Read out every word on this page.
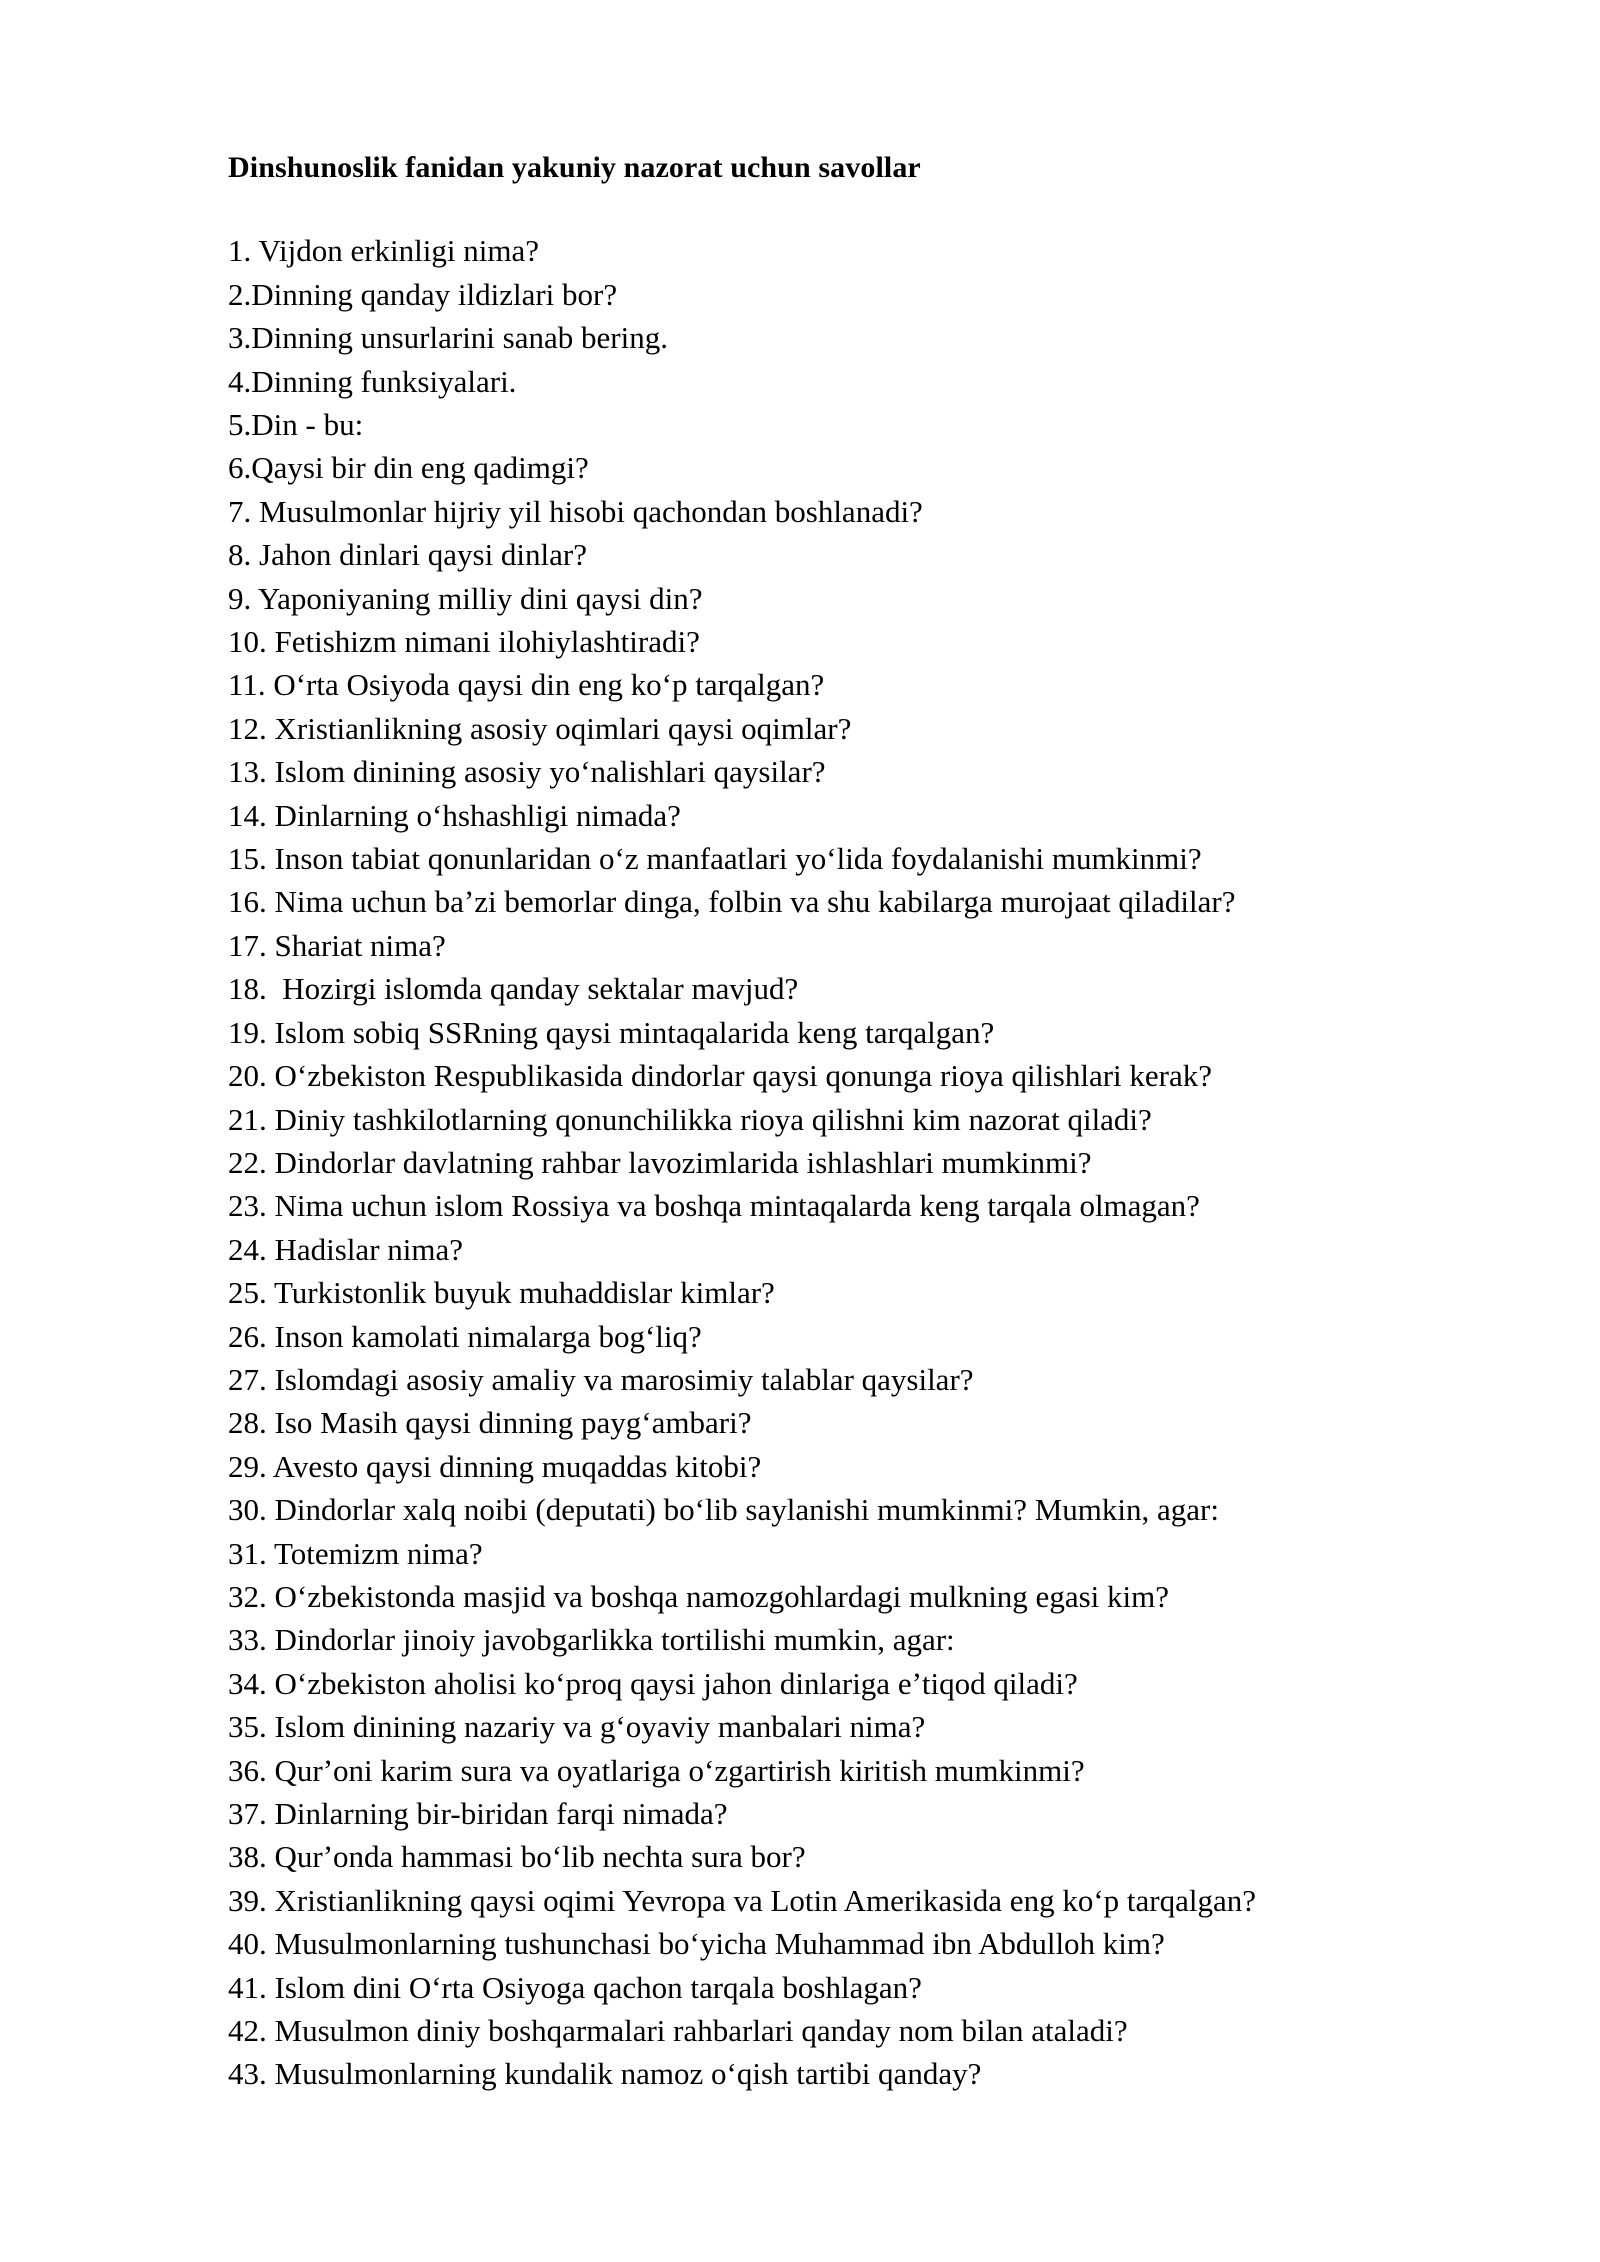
Dinshunoslik fanidan yakuniy nazorat uchun savollar
1. Vijdon erkinligi nima?
2.Dinning qanday ildizlari bor?
3.Dinning unsurlarini sanab bering.
4.Dinning funksiyalari.
5.Din - bu:
6.Qaysi bir din eng qadimgi?
7. Musulmonlar hijriy yil hisobi qachondan boshlanadi?
8. Jahon dinlari qaysi dinlar?
9. Yaponiyaning milliy dini qaysi din?
10. Fetishizm nimani ilohiylashtiradi?
11. Oʻrta Osiyoda qaysi din eng koʻp tarqalgan?
12. Xristianlikning asosiy oqimlari qaysi oqimlar?
13. Islom dinining asosiy yoʻnalishlari qaysilar?
14. Dinlarning oʻhshashligi nimada?
15. Inson tabiat qonunlaridan oʻz manfaatlari yoʻlida foydalanishi mumkinmi?
16. Nima uchun baʼzi bemorlar dinga, folbin va shu kabilarga murojaat qiladilar?
17. Shariat nima?
18.  Hozirgi islomda qanday sektalar mavjud?
19. Islom sobiq SSRning qaysi mintaqalarida keng tarqalgan?
20. Oʻzbekiston Respublikasida dindorlar qaysi qonunga rioya qilishlari kerak?
21. Diniy tashkilotlarning qonunchilikka rioya qilishni kim nazorat qiladi?
22. Dindorlar davlatning rahbar lavozimlarida ishlashlari mumkinmi?
23. Nima uchun islom Rossiya va boshqa mintaqalarda keng tarqala olmagan?
24. Hadislar nima?
25. Turkistonlik buyuk muhaddislar kimlar?
26. Inson kamolati nimalarga bogʻliq?
27. Islomdagi asosiy amaliy va marosimiy talablar qaysilar?
28. Iso Masih qaysi dinning paygʻambari?
29. Avesto qaysi dinning muqaddas kitobi?
30. Dindorlar xalq noibi (deputati) boʻlib saylanishi mumkinmi? Mumkin, agar:
31. Totemizm nima?
32. Oʻzbekistonda masjid va boshqa namozgohlardagi mulkning egasi kim?
33. Dindorlar jinoiy javobgarlikka tortilishi mumkin, agar:
34. Oʻzbekiston aholisi koʻproq qaysi jahon dinlariga eʼtiqod qiladi?
35. Islom dinining nazariy va gʻoyaviy manbalari nima?
36. Qurʼoni karim sura va oyatlariga oʻzgartirish kiritish mumkinmi?
37. Dinlarning bir-biridan farqi nimada?
38. Qurʼonda hammasi boʻlib nechta sura bor?
39. Xristianlikning qaysi oqimi Yevropa va Lotin Amerikasida eng koʻp tarqalgan?
40. Musulmonlarning tushunchasi boʻyicha Muhammad ibn Abdulloh kim?
41. Islom dini Oʻrta Osiyoga qachon tarqala boshlagan?
42. Musulmon diniy boshqarmalari rahbarlari qanday nom bilan ataladi?
43. Musulmonlarning kundalik namoz oʻqish tartibi qanday?
